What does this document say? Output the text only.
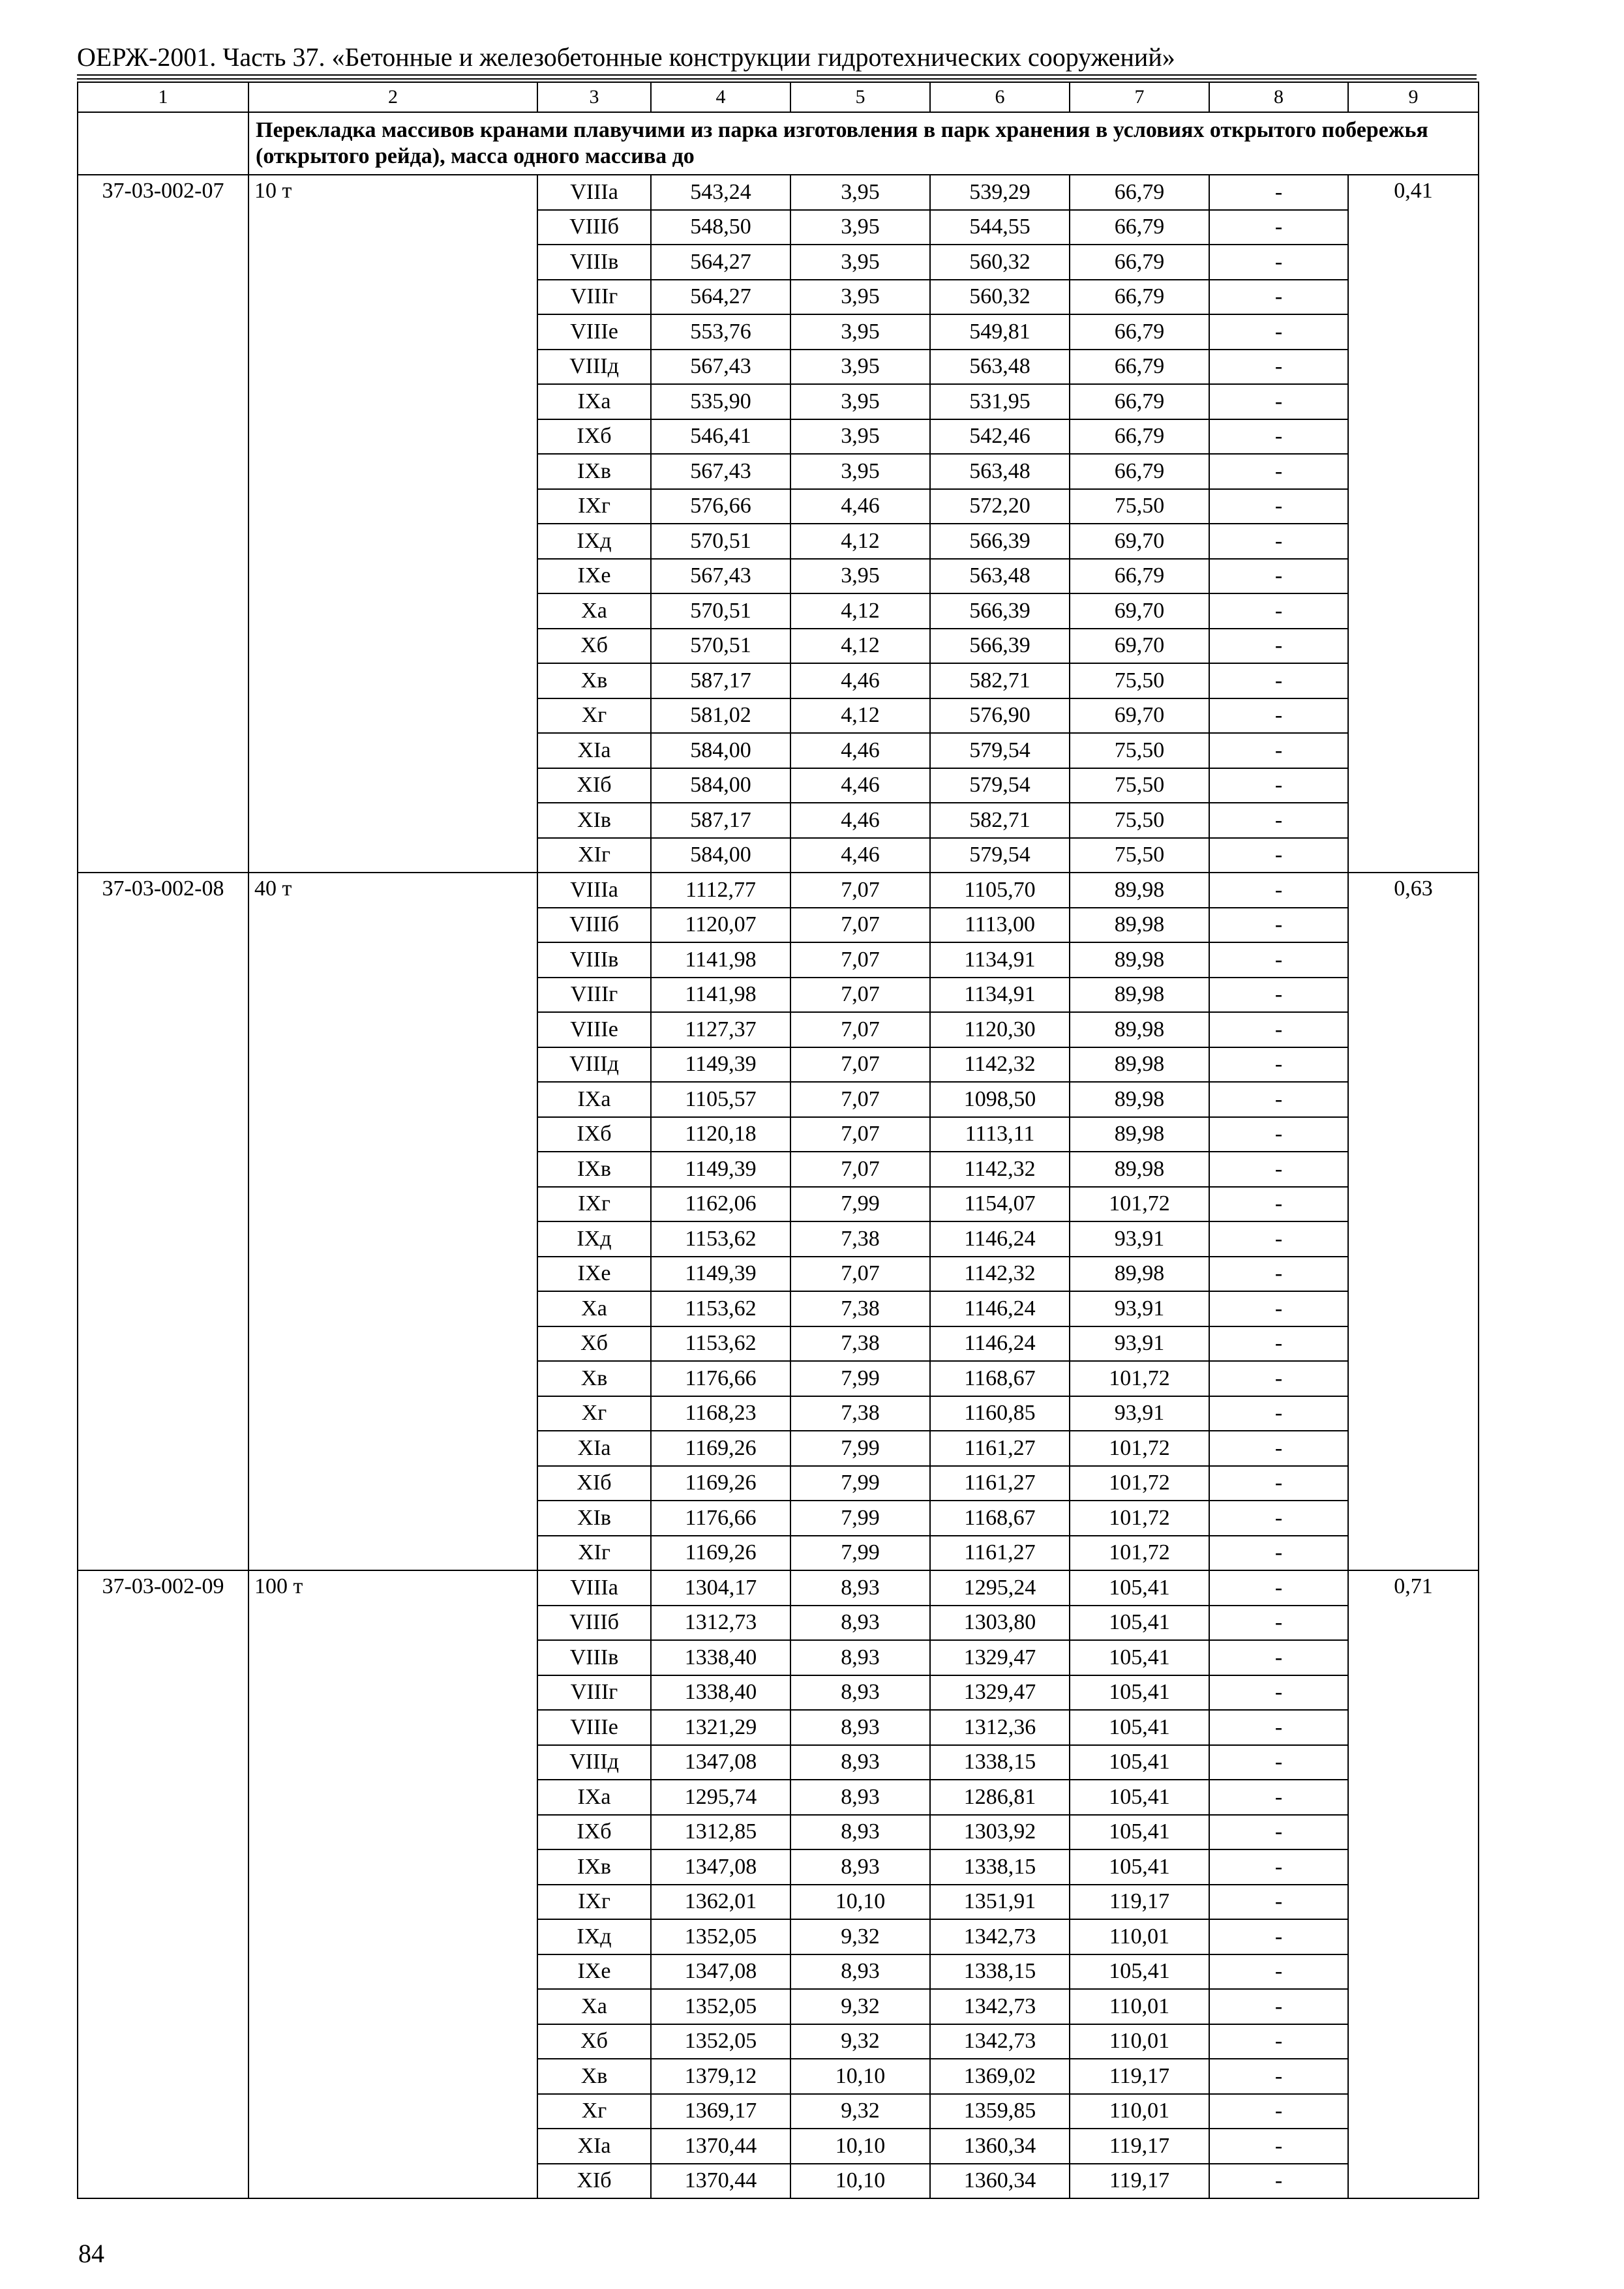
ОЕРЖ-2001. Часть 37. «Бетонные и железобетонные конструкции гидротехнических сооружений»
1	2	3	4	5	6	7	8	9
	Перекладка массивов кранами плавучими из парка изготовления в парк хранения в условиях открытого побережья (открытого рейда), масса одного массива до							
37-03-002-07	10 т	VIIIа	543,24	3,95	539,29	66,79	-	0,41
		VIIIб	548,50	3,95	544,55	66,79	-	
		VIIIв	564,27	3,95	560,32	66,79	-	
		VIIIг	564,27	3,95	560,32	66,79	-	
		VIIIе	553,76	3,95	549,81	66,79	-	
		VIIIд	567,43	3,95	563,48	66,79	-	
		IXа	535,90	3,95	531,95	66,79	-	
		IXб	546,41	3,95	542,46	66,79	-	
		IXв	567,43	3,95	563,48	66,79	-	
		IXг	576,66	4,46	572,20	75,50	-	
		IXд	570,51	4,12	566,39	69,70	-	
		IXе	567,43	3,95	563,48	66,79	-	
		Xа	570,51	4,12	566,39	69,70	-	
		Xб	570,51	4,12	566,39	69,70	-	
		Xв	587,17	4,46	582,71	75,50	-	
		Xг	581,02	4,12	576,90	69,70	-	
		XIа	584,00	4,46	579,54	75,50	-	
		XIб	584,00	4,46	579,54	75,50	-	
		XIв	587,17	4,46	582,71	75,50	-	
		XIг	584,00	4,46	579,54	75,50	-	
37-03-002-08	40 т	VIIIа	1112,77	7,07	1105,70	89,98	-	0,63
		VIIIб	1120,07	7,07	1113,00	89,98	-	
		VIIIв	1141,98	7,07	1134,91	89,98	-	
		VIIIг	1141,98	7,07	1134,91	89,98	-	
		VIIIе	1127,37	7,07	1120,30	89,98	-	
		VIIIд	1149,39	7,07	1142,32	89,98	-	
		IXа	1105,57	7,07	1098,50	89,98	-	
		IXб	1120,18	7,07	1113,11	89,98	-	
		IXв	1149,39	7,07	1142,32	89,98	-	
		IXг	1162,06	7,99	1154,07	101,72	-	
		IXд	1153,62	7,38	1146,24	93,91	-	
		IXе	1149,39	7,07	1142,32	89,98	-	
		Xа	1153,62	7,38	1146,24	93,91	-	
		Xб	1153,62	7,38	1146,24	93,91	-	
		Xв	1176,66	7,99	1168,67	101,72	-	
		Xг	1168,23	7,38	1160,85	93,91	-	
		XIа	1169,26	7,99	1161,27	101,72	-	
		XIб	1169,26	7,99	1161,27	101,72	-	
		XIв	1176,66	7,99	1168,67	101,72	-	
		XIг	1169,26	7,99	1161,27	101,72	-	
37-03-002-09	100 т	VIIIа	1304,17	8,93	1295,24	105,41	-	0,71
		VIIIб	1312,73	8,93	1303,80	105,41	-	
		VIIIв	1338,40	8,93	1329,47	105,41	-	
		VIIIг	1338,40	8,93	1329,47	105,41	-	
		VIIIе	1321,29	8,93	1312,36	105,41	-	
		VIIIд	1347,08	8,93	1338,15	105,41	-	
		IXа	1295,74	8,93	1286,81	105,41	-	
		IXб	1312,85	8,93	1303,92	105,41	-	
		IXв	1347,08	8,93	1338,15	105,41	-	
		IXг	1362,01	10,10	1351,91	119,17	-	
		IXд	1352,05	9,32	1342,73	110,01	-	
		IXе	1347,08	8,93	1338,15	105,41	-	
		Xа	1352,05	9,32	1342,73	110,01	-	
		Xб	1352,05	9,32	1342,73	110,01	-	
		Xв	1379,12	10,10	1369,02	119,17	-	
		Xг	1369,17	9,32	1359,85	110,01	-	
		XIа	1370,44	10,10	1360,34	119,17	-	
		XIб	1370,44	10,10	1360,34	119,17	-	
84
